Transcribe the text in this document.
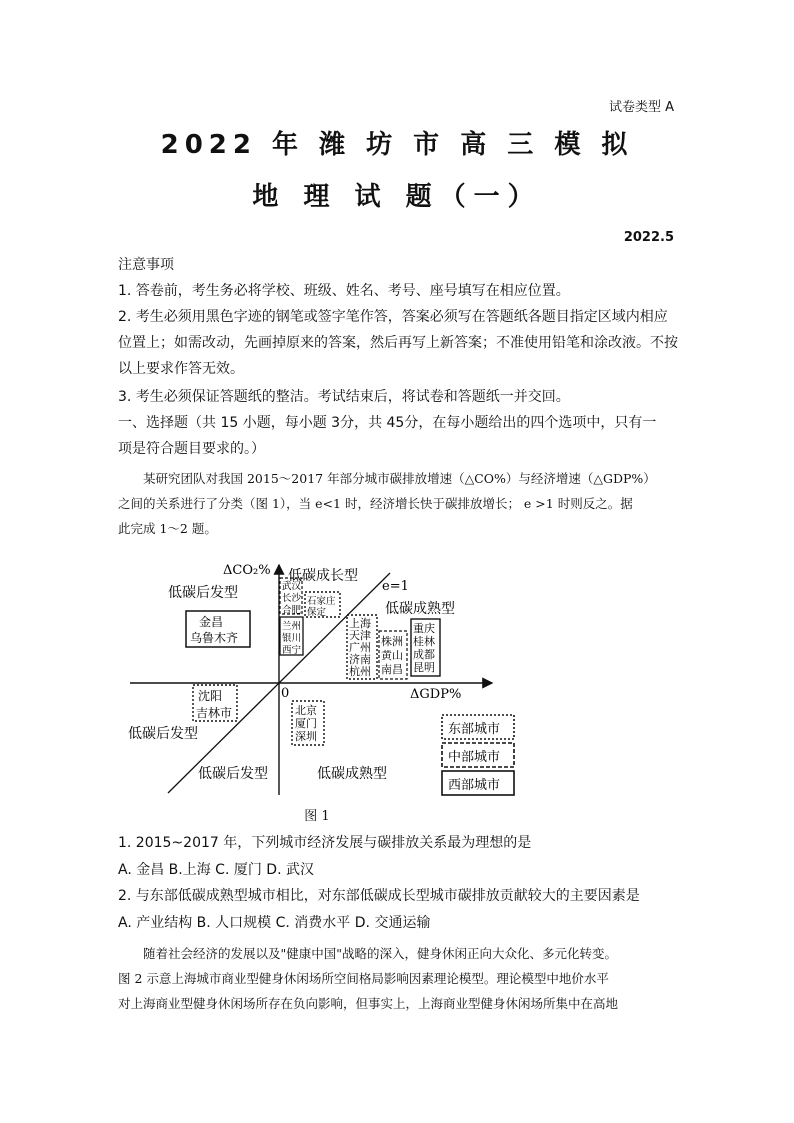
试卷类型 A
2022 年 潍 坊 市 高 三 模 拟
地 理 试 题（一）
2022.5
注意事项
1. 答卷前，考生务必将学校、班级、姓名、考号、座号填写在相应位置。
2. 考生必须用黑色字迹的钢笔或签字笔作答，答案必须写在答题纸各题目指定区域内相应
位置上；如需改动，先画掉原来的答案，然后再写上新答案；不准使用铅笔和涂改液。不按
以上要求作答无效。
3. 考生必须保证答题纸的整洁。考试结束后，将试卷和答题纸一并交回。
一、选择题（共 15 小题，每小题 3分，共 45分，在每小题给出的四个选项中，只有一
项是符合题目要求的。）

某研究团队对我国 2015～2017 年部分城市碳排放增速（△CO%）与经济增速（△GDP%）

之间的关系进行了分类（图 1），当 e<1 时，经济增长快于碳排放增长； e >1 时则反之。据
此完成 1～2 题。
ΔCO₂%
ΔGDP%
0
e=1
低碳成长型
低碳成熟型
低碳后发型
低碳后发型
低碳后发型	低碳成熟型
金昌
乌鲁木齐
武汉
长沙
合肥
石家庄
保定
兰州
银川
西宁
上海
天津
广州
济南
杭州
株洲
黄山
南昌
重庆
桂林
成都
昆明
沈阳
吉林市	北京
厦门
深圳	东部城市
中部城市
西部城市
图 1
1. 2015~2017 年，下列城市经济发展与碳排放关系最为理想的是
A. 金昌 B.上海 C. 厦门 D. 武汉
2. 与东部低碳成熟型城市相比，对东部低碳成长型城市碳排放贡献较大的主要因素是
A. 产业结构 B. 人口规模 C. 消费水平 D. 交通运输

随着社会经济的发展以及"健康中国"战略的深入，健身休闲正向大众化、多元化转变。

图 2 示意上海城市商业型健身休闲场所空间格局影响因素理论模型。理论模型中地价水平
对上海商业型健身休闲场所存在负向影响，但事实上，上海商业型健身休闲场所集中在高地
